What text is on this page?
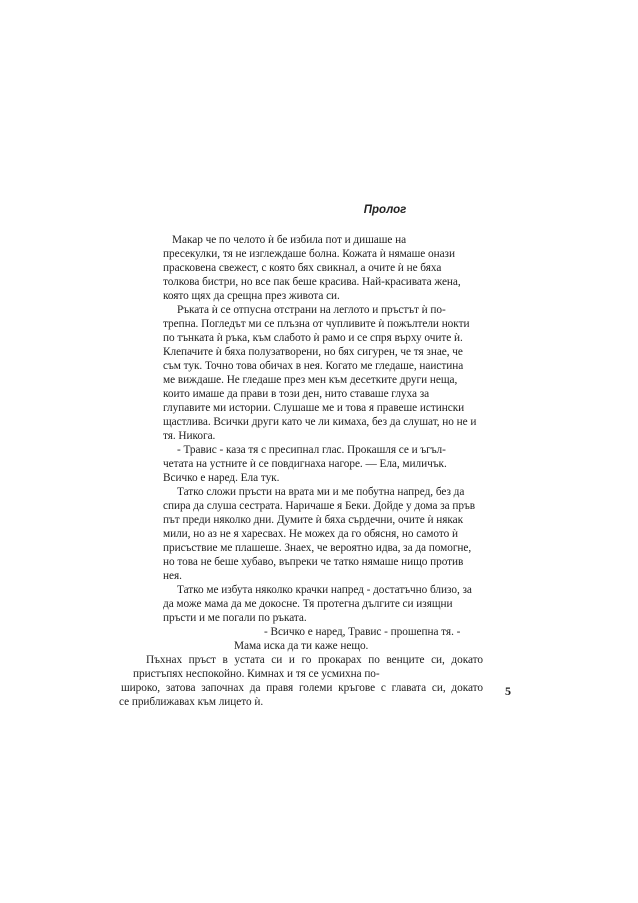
Пролог
Макар че по челото ѝ бе избила пот и дишаше на
пресекулки, тя не изглеждаше болна. Кожата ѝ нямаше онази
прасковена свежест, с която бях свикнал, а очите ѝ не бяха
толкова бистри, но все пак беше красива. Най-красивата жена,
която щях да срещна през живота си.
Ръката ѝ се отпусна отстрани на леглото и пръстът ѝ по-
трепна. Погледът ми се плъзна от чупливите ѝ пожълтели нокти
по тънката ѝ ръка, към слабото ѝ рамо и се спря върху очите ѝ.
Клепачите ѝ бяха полузатворени, но бях сигурен, че тя знае, че
съм тук. Точно това обичах в нея. Когато ме гледаше, наистина
ме виждаше. Не гледаше през мен към десетките други неща,
които имаше да прави в този ден, нито ставаше глуха за
глупавите ми истории. Слушаше ме и това я правеше истински
щастлива. Всички други като че ли кимаха, без да слушат, но не и
тя. Никога.
- Травис - каза тя с пресипнал глас. Прокашля се и ъгъл-
четата на устните ѝ се повдигнаха нагоре. — Ела, миличък.
Всичко е наред. Ела тук.
Татко сложи пръсти на врата ми и ме побутна напред, без да
спира да слуша сестрата. Наричаше я Беки. Дойде у дома за пръв
път преди няколко дни. Думите ѝ бяха сърдечни, очите ѝ някак
мили, но аз не я харесвах. Не можех да го обясня, но самото ѝ
присъствие ме плашеше. Знаех, че вероятно идва, за да помогне,
но това не беше хубаво, въпреки че татко нямаше нищо против
нея.
Татко ме избута няколко крачки напред - достатъчно близо, за
да може мама да ме докосне. Тя протегна дългите си изящни
пръсти и ме погали по ръката.
- Всичко е наред, Травис - прошепна тя. -
Мама иска да ти каже нещо.
Пъхнах пръст в устата си и го прокарах по венците си, докато
пристъпях неспокойно. Кимнах и тя се усмихна по-
широко, затова започнах да правя големи кръгове с главата си, докато
се приближавах към лицето ѝ.
5
